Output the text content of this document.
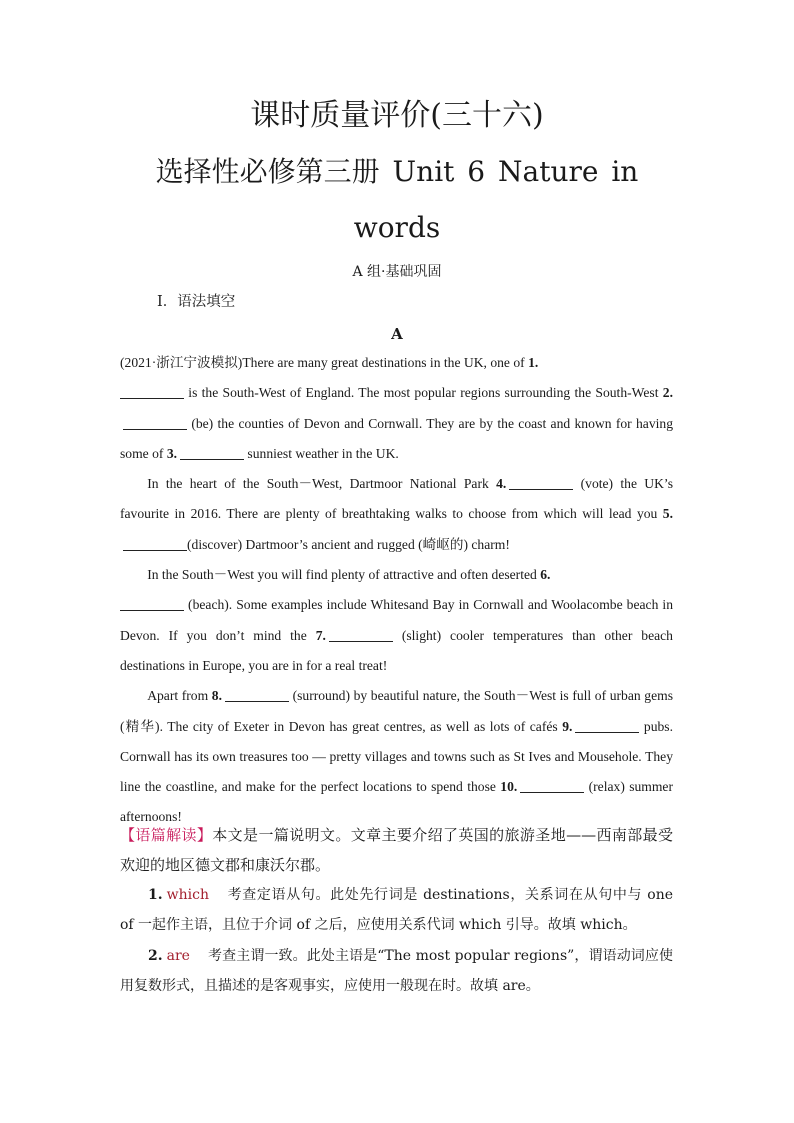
课时质量评价(三十六)
选择性必修第三册 Unit 6 Nature in
words
A 组·基础巩固
Ⅰ．语法填空
A

(2021·浙江宁波模拟)There are many great destinations in the UK, one of 1.
is the South-West of England. The most popular regions surrounding the South-West 2. (be) the counties of Devon and Cornwall. They are by the coast and known for having some of 3.	sunniest weather in the UK.

In the heart of the South－West, Dartmoor National Park 4.	(vote) the UK’s favourite in 2016. There are plenty of breathtaking walks to choose from which will lead you 5.(discover) Dartmoor’s ancient and rugged (崎岖的) charm!

In the South－West you will find plenty of attractive and often deserted 6.
(beach). Some examples include Whitesand Bay in Cornwall and Woolacombe beach in Devon. If you don’t mind the 7.	(slight) cooler temperatures than other beach destinations in Europe, you are in for a real treat!

Apart from 8.	(surround) by beautiful nature, the South－West is full of urban gems (精华). The city of Exeter in Devon has great centres, as well as lots of cafés 9.	pubs. Cornwall has its own treasures too — pretty villages and towns such as St Ives and Mousehole. They line the coastline, and make for the perfect locations to spend those 10.	(relax) summer afternoons!

【语篇解读】本文是一篇说明文。文章主要介绍了英国的旅游圣地——西南部最受欢迎的地区德文郡和康沃尔郡。

1. which 考查定语从句。此处先行词是 destinations，关系词在从句中与 one of 一起作主语，且位于介词 of 之后，应使用关系代词 which 引导。故填 which。

2. are 考查主谓一致。此处主语是“The most popular regions”，谓语动词应使用复数形式，且描述的是客观事实，应使用一般现在时。故填 are。
